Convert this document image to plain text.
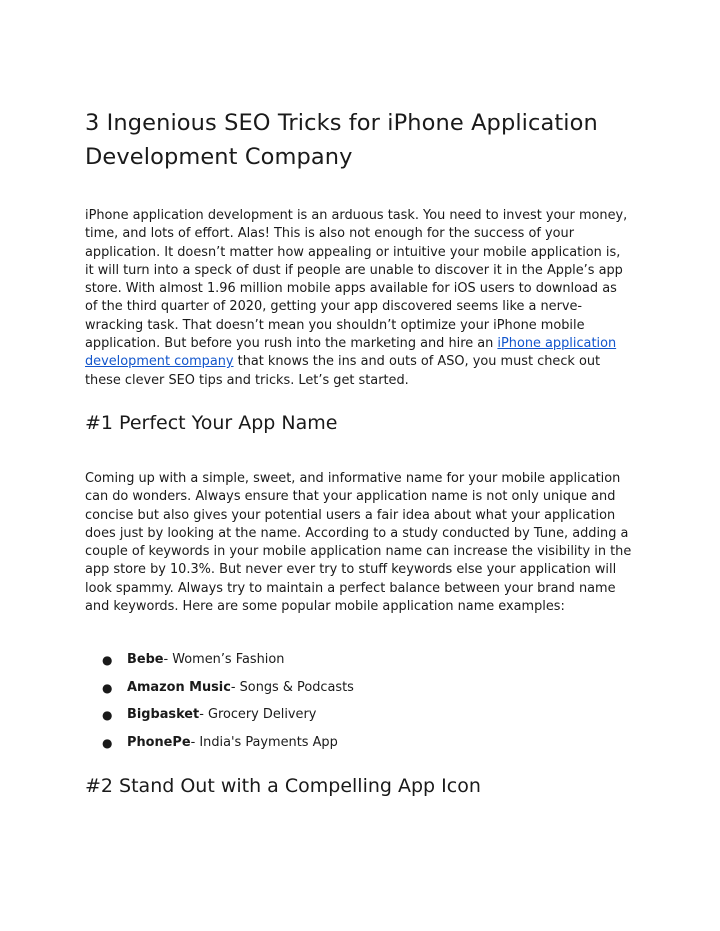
3 Ingenious SEO Tricks for iPhone Application Development Company

iPhone application development is an arduous task. You need to invest your money, time, and lots of effort. Alas! This is also not enough for the success of your application. It doesn’t matter how appealing or intuitive your mobile application is, it will turn into a speck of dust if people are unable to discover it in the Apple’s app store. With almost 1.96 million mobile apps available for iOS users to download as of the third quarter of 2020, getting your app discovered seems like a nerve-wracking task. That doesn’t mean you shouldn’t optimize your iPhone mobile application. But before you rush into the marketing and hire an iPhone application development company that knows the ins and outs of ASO, you must check out these clever SEO tips and tricks. Let’s get started.

#1 Perfect Your App Name

Coming up with a simple, sweet, and informative name for your mobile application can do wonders. Always ensure that your application name is not only unique and concise but also gives your potential users a fair idea about what your application does just by looking at the name. According to a study conducted by Tune, adding a couple of keywords in your mobile application name can increase the visibility in the app store by 10.3%. But never ever try to stuff keywords else your application will look spammy. Always try to maintain a perfect balance between your brand name and keywords. Here are some popular mobile application name examples:

● Bebe- Women’s Fashion
● Amazon Music- Songs & Podcasts
● Bigbasket- Grocery Delivery
● PhonePe- India's Payments App
#2 Stand Out with a Compelling App Icon
